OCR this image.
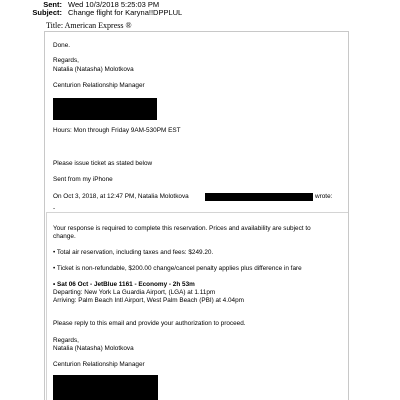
Sent: Wed 10/3/2018 5:25:03 PM
Subject: Change flight for Karyna!!DPPLUL
Title: American Express ®
Done.
Regards,
Natalia (Natasha) Molotkova
Centurion Relationship Manager
Hours: Mon through Friday 9AM-530PM EST
Please issue ticket as stated below
Sent from my iPhone
On Oct 3, 2018, at 12:47 PM, Natalia Molotkova	wrote:
-
Your response is required to complete this reservation. Prices and availability are subject to
change.
• Total air reservation, including taxes and fees: $249.20.
• Ticket is non-refundable, $200.00 change/cancel penalty applies plus difference in fare
• Sat 06 Oct - JetBlue 1161 - Economy - 2h 53m
Departing: New York La Guardia Airport, (LGA) at 1.11pm
Arriving: Palm Beach Intl Airport, West Palm Beach (PBI) at 4.04pm
Please reply to this email and provide your authorization to proceed.
Regards,
Natalia (Natasha) Molotkova
Centurion Relationship Manager
